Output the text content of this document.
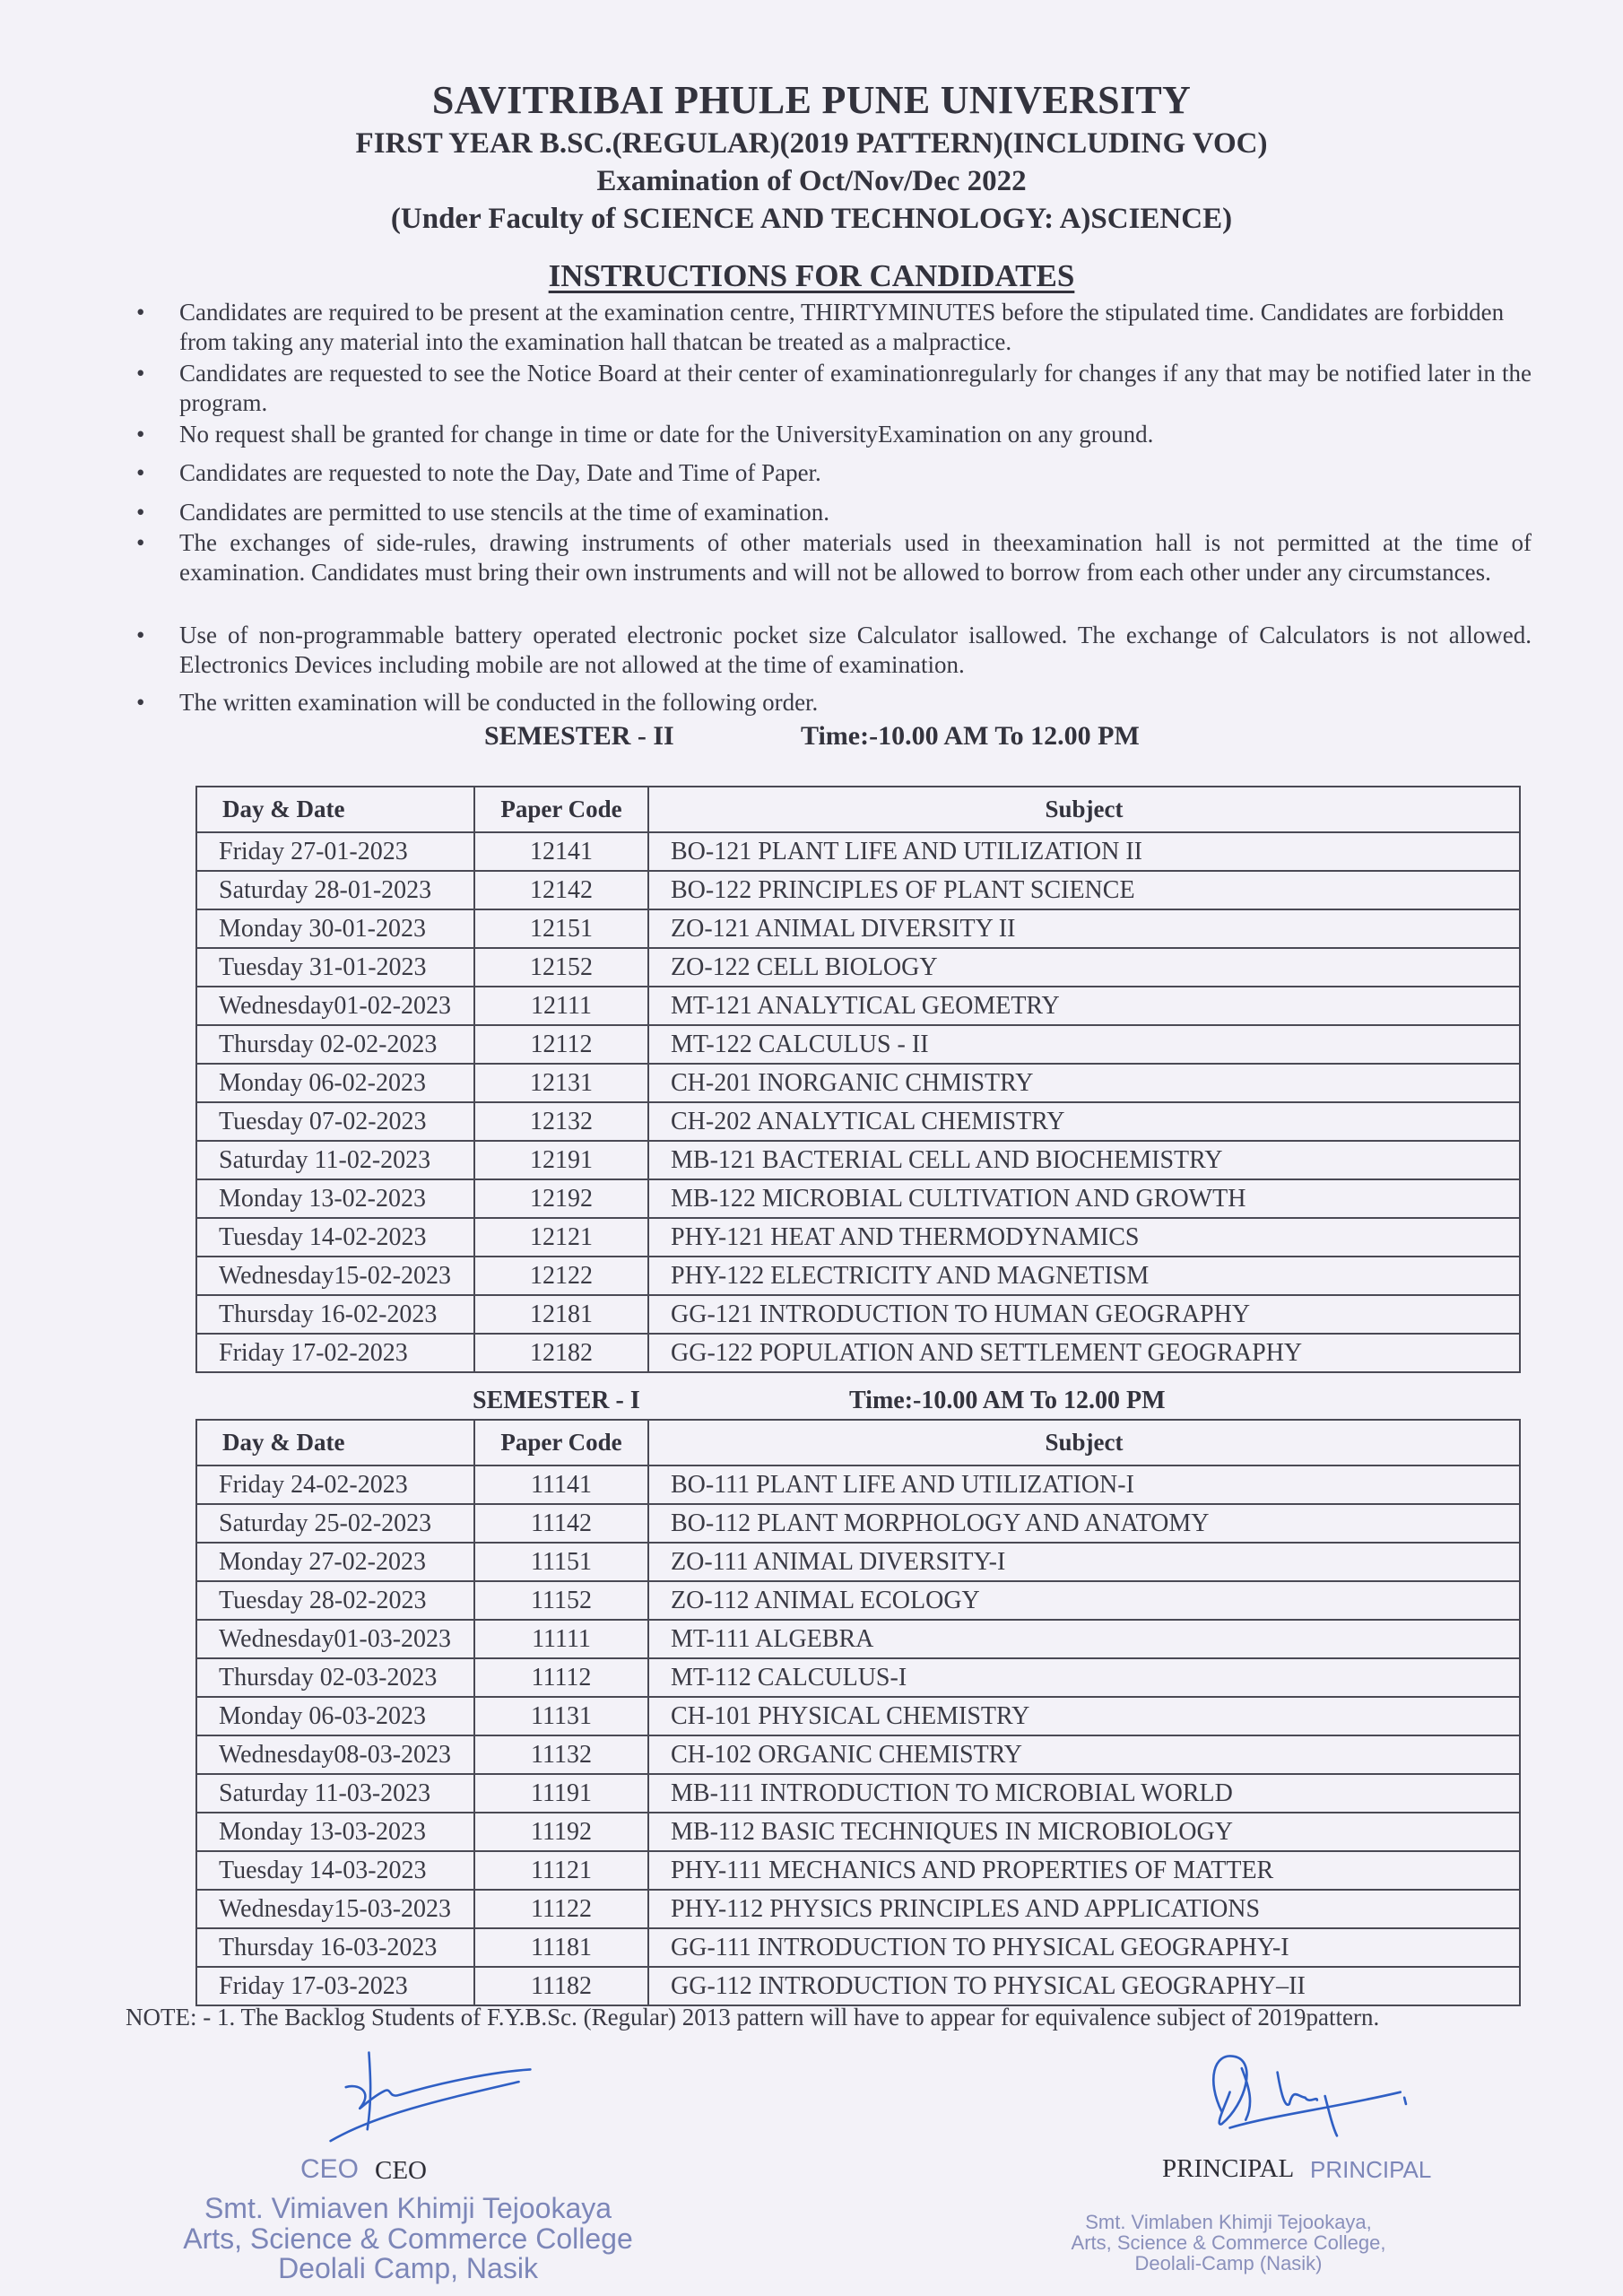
SAVITRIBAI PHULE PUNE UNIVERSITY
FIRST YEAR B.SC.(REGULAR)(2019 PATTERN)(INCLUDING VOC)
Examination of Oct/Nov/Dec 2022
(Under Faculty of SCIENCE AND TECHNOLOGY: A)SCIENCE)
INSTRUCTIONS FOR CANDIDATES
•	Candidates are required to be present at the examination centre, THIRTYMINUTES before the stipulated time. Candidates are forbidden from taking any material into the examination hall thatcan be treated as a malpractice.
•	Candidates are requested to see the Notice Board at their center of examinationregularly for changes if any that may be notified later in the program.
•	No request shall be granted for change in time or date for the UniversityExamination on any ground.
•	Candidates are requested to note the Day, Date and Time of Paper.
•	Candidates are permitted to use stencils at the time of examination.
•	The exchanges of side-rules, drawing instruments of other materials used in theexamination hall is not permitted at the time of examination. Candidates must bring their own instruments and will not be allowed to borrow from each other under any circumstances.
•	Use of non-programmable battery operated electronic pocket size Calculator isallowed. The exchange of Calculators is not allowed. Electronics Devices including mobile are not allowed at the time of examination.
•	The written examination will be conducted in the following order.
SEMESTER - II	Time:-10.00 AM To 12.00 PM
Day & Date	Paper Code	Subject
Friday 27-01-2023	12141	BO-121 PLANT LIFE AND UTILIZATION II
Saturday 28-01-2023	12142	BO-122 PRINCIPLES OF PLANT SCIENCE
Monday 30-01-2023	12151	ZO-121 ANIMAL DIVERSITY II
Tuesday 31-01-2023	12152	ZO-122 CELL BIOLOGY
Wednesday01-02-2023	12111	MT-121 ANALYTICAL GEOMETRY
Thursday 02-02-2023	12112	MT-122 CALCULUS - II
Monday 06-02-2023	12131	CH-201 INORGANIC CHMISTRY
Tuesday 07-02-2023	12132	CH-202 ANALYTICAL CHEMISTRY
Saturday 11-02-2023	12191	MB-121 BACTERIAL CELL AND BIOCHEMISTRY
Monday 13-02-2023	12192	MB-122 MICROBIAL CULTIVATION AND GROWTH
Tuesday 14-02-2023	12121	PHY-121 HEAT AND THERMODYNAMICS
Wednesday15-02-2023	12122	PHY-122 ELECTRICITY AND MAGNETISM
Thursday 16-02-2023	12181	GG-121 INTRODUCTION TO HUMAN GEOGRAPHY
Friday 17-02-2023	12182	GG-122 POPULATION AND SETTLEMENT GEOGRAPHY
SEMESTER - I	Time:-10.00 AM To 12.00 PM
Day & Date	Paper Code	Subject
Friday 24-02-2023	11141	BO-111 PLANT LIFE AND UTILIZATION-I
Saturday 25-02-2023	11142	BO-112 PLANT MORPHOLOGY AND ANATOMY
Monday 27-02-2023	11151	ZO-111 ANIMAL DIVERSITY-I
Tuesday 28-02-2023	11152	ZO-112 ANIMAL ECOLOGY
Wednesday01-03-2023	11111	MT-111 ALGEBRA
Thursday 02-03-2023	11112	MT-112 CALCULUS-I
Monday 06-03-2023	11131	CH-101 PHYSICAL CHEMISTRY
Wednesday08-03-2023	11132	CH-102 ORGANIC CHEMISTRY
Saturday 11-03-2023	11191	MB-111 INTRODUCTION TO MICROBIAL WORLD
Monday 13-03-2023	11192	MB-112 BASIC TECHNIQUES IN MICROBIOLOGY
Tuesday 14-03-2023	11121	PHY-111 MECHANICS AND PROPERTIES OF MATTER
Wednesday15-03-2023	11122	PHY-112 PHYSICS PRINCIPLES AND APPLICATIONS
Thursday 16-03-2023	11181	GG-111 INTRODUCTION TO PHYSICAL GEOGRAPHY-I
Friday 17-03-2023	11182	GG-112 INTRODUCTION TO PHYSICAL GEOGRAPHY–II
NOTE: - 1. The Backlog Students of F.Y.B.Sc. (Regular) 2013 pattern will have to appear for equivalence subject of 2019pattern.
CEO CEO
Smt. Vimiaven Khimji Tejookaya
Arts, Science & Commerce College
Deolali Camp, Nasik
PRINCIPAL PRINCIPAL
Smt. Vimlaben Khimji Tejookaya,
Arts, Science & Commerce College,
Deolali-Camp (Nasik)
